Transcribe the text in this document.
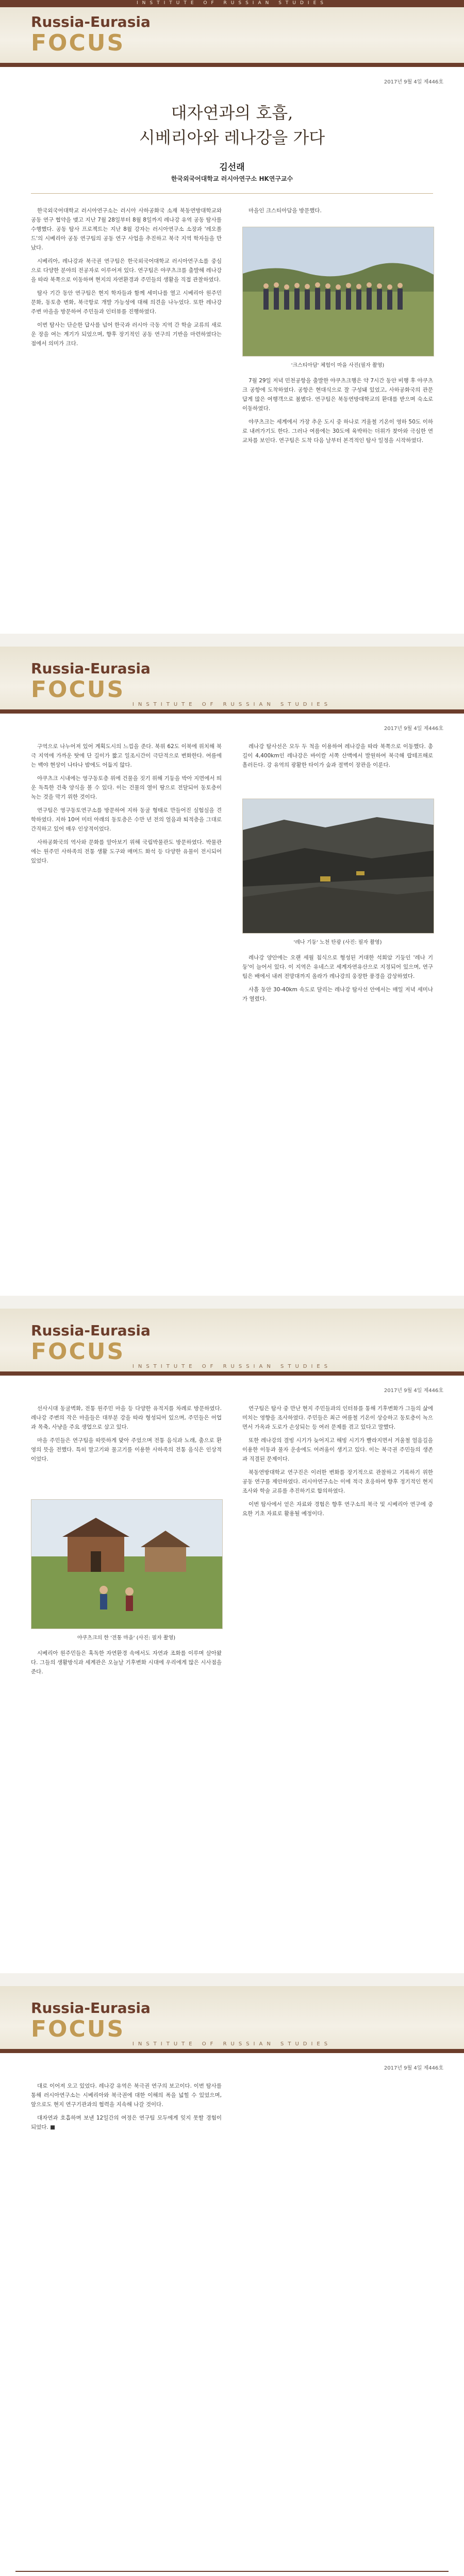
INSTITUTE OF RUSSIAN STUDIES
Russia-Eurasia
FOCUS
2017년 9월 4일 제446호
대자연과의 호흡,
시베리아와 레나강을 가다
김선래
한국외국어대학교 러시아연구소 HK연구교수

한국외국어대학교 러시아연구소는 러시아 사하공화국 소재 북동연방대학교와 공동 연구 협약을 맺고 지난 7월 28일부터 8월 8일까지 레나강 유역 공동 탐사를 수행했다. 공동 탐사 프로젝트는 지난 8월 강자는 러시아연구소 소장과 '레오폴드'의 시베리아 공동 연구팀의 공동 연구 사업을 추진하고 북극 지역 학자들을 만났다.

시베리아, 레나강과 북극권 연구팀은 한국외국어대학교 러시아연구소를 중심으로 다양한 분야의 전공자로 이루어져 있다. 연구팀은 야쿠츠크를 출발해 레나강을 따라 북쪽으로 이동하며 현지의 자연환경과 주민들의 생활을 직접 관찰하였다.

탐사 기간 동안 연구팀은 현지 학자들과 함께 세미나를 열고 시베리아 원주민 문화, 동토층 변화, 북극항로 개발 가능성에 대해 의견을 나누었다. 또한 레나강 주변 마을을 방문하여 주민들과 인터뷰를 진행하였다.

이번 탐사는 단순한 답사를 넘어 한국과 러시아 극동 지역 간 학술 교류의 새로운 장을 여는 계기가 되었으며, 향후 장기적인 공동 연구의 기반을 마련하였다는 점에서 의미가 크다.

마을인 크스티아담을 방문했다.

'크스티아담' 체험이 마을 사진(필자 촬영)

7월 29일 저녁 민천공항을 출발한 야쿠츠크행은 약 7시간 동안 비행 후 야쿠츠크 공항에 도착하였다. 공항은 현대식으로 잘 구성돼 있었고, 사하공화국의 관문답게 많은 여행객으로 붐볐다. 연구팀은 북동연방대학교의 환대를 받으며 숙소로 이동하였다.

야쿠츠크는 세계에서 가장 추운 도시 중 하나로 겨울철 기온이 영하 50도 이하로 내려가기도 한다. 그러나 여름에는 30도에 육박하는 더위가 찾아와 극심한 연교차를 보인다. 연구팀은 도착 다음 날부터 본격적인 탐사 일정을 시작하였다.

Russia-Eurasia
FOCUS
INSTITUTE OF RUSSIAN STUDIES
2017년 9월 4일 제446호

구역으로 나누어져 있어 계획도시의 느낌을 준다. 북위 62도 이북에 위치해 북극 지역에 가까운 탓에 단 길이가 짧고 일조시간이 극단적으로 변화한다. 여름에는 백야 현상이 나타나 밤에도 어둡지 않다.

야쿠츠크 시내에는 영구동토층 위에 건물을 짓기 위해 기둥을 박아 지면에서 띄운 독특한 건축 양식을 볼 수 있다. 이는 건물의 열이 땅으로 전달되어 동토층이 녹는 것을 막기 위한 것이다.

연구팀은 영구동토연구소를 방문하여 지하 동굴 형태로 만들어진 실험실을 견학하였다. 지하 10여 미터 아래의 동토층은 수만 년 전의 얼음과 퇴적층을 그대로 간직하고 있어 매우 인상적이었다.

사하공화국의 역사와 문화를 알아보기 위해 국립박물관도 방문하였다. 박물관에는 원주민 사하족의 전통 생활 도구와 매머드 화석 등 다양한 유물이 전시되어 있었다.

레나강 탐사선은 모두 두 척을 이용하여 레나강을 따라 북쪽으로 이동했다. 총 길이 4,400km인 레나강은 바이칼 서쪽 산맥에서 발원하여 북극해 랍테프해로 흘러든다. 강 유역의 광활한 타이가 숲과 절벽이 장관을 이룬다.

'레나 기둥' 노천 탄광 (사진: 필자 촬영)

레나강 양안에는 오랜 세월 침식으로 형성된 거대한 석회암 기둥인 '레나 기둥'이 늘어서 있다. 이 지역은 유네스코 세계자연유산으로 지정되어 있으며, 연구팀은 배에서 내려 전망대까지 올라가 레나강의 웅장한 풍경을 감상하였다.

사흘 동안 30-40km 속도로 달리는 레나강 탐사선 안에서는 매일 저녁 세미나가 열렸다.

Russia-Eurasia
FOCUS
INSTITUTE OF RUSSIAN STUDIES
2017년 9월 4일 제446호

선사시대 동굴벽화, 전통 원주민 마을 등 다양한 유적지를 차례로 방문하였다. 레나강 주변의 작은 마을들은 대부분 강을 따라 형성되어 있으며, 주민들은 어업과 목축, 사냥을 주요 생업으로 삼고 있다.

마을 주민들은 연구팀을 따뜻하게 맞아 주었으며 전통 음식과 노래, 춤으로 환영의 뜻을 전했다. 특히 말고기와 물고기를 이용한 사하족의 전통 음식은 인상적이었다.

야쿠츠크의 한 '전통 마을' (사진: 필자 촬영)

시베리아 원주민들은 혹독한 자연환경 속에서도 자연과 조화를 이루며 살아왔다. 그들의 생활방식과 세계관은 오늘날 기후변화 시대에 우리에게 많은 시사점을 준다.

연구팀은 탐사 중 만난 현지 주민들과의 인터뷰를 통해 기후변화가 그들의 삶에 미치는 영향을 조사하였다. 주민들은 최근 여름철 기온이 상승하고 동토층이 녹으면서 가옥과 도로가 손상되는 등 여러 문제를 겪고 있다고 말했다.

또한 레나강의 결빙 시기가 늦어지고 해빙 시기가 빨라지면서 겨울철 얼음길을 이용한 이동과 물자 운송에도 어려움이 생기고 있다. 이는 북극권 주민들의 생존과 직결된 문제이다.

북동연방대학교 연구진은 이러한 변화를 장기적으로 관찰하고 기록하기 위한 공동 연구를 제안하였다. 러시아연구소는 이에 적극 호응하여 향후 정기적인 현지 조사와 학술 교류를 추진하기로 합의하였다.

이번 탐사에서 얻은 자료와 경험은 향후 연구소의 북극 및 시베리아 연구에 중요한 기초 자료로 활용될 예정이다.

Russia-Eurasia
FOCUS
INSTITUTE OF RUSSIAN STUDIES
2017년 9월 4일 제446호

대로 이어져 오고 있었다. 레나강 유역은 북극권 연구의 보고이다. 이번 탐사를 통해 러시아연구소는 시베리아와 북극권에 대한 이해의 폭을 넓힐 수 있었으며, 앞으로도 현지 연구기관과의 협력을 지속해 나갈 것이다.

대자연과 호흡하며 보낸 12일간의 여정은 연구팀 모두에게 잊지 못할 경험이 되었다. ■
